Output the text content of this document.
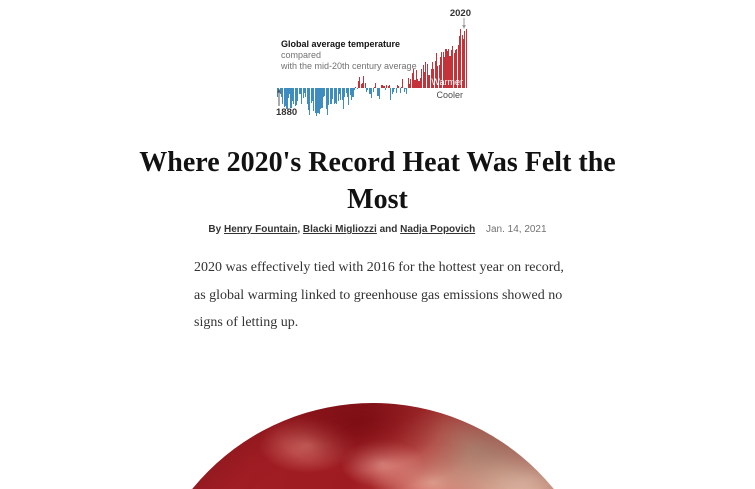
Global average temperature compared
with the mid-20th century average
2020
1880
Warmer
Cooler
Where 2020's Record Heat Was Felt the Most
By Henry Fountain, Blacki Migliozzi and Nadja Popovich Jan. 14, 2021

2020 was effectively tied with 2016 for the hottest year on record, as global warming linked to greenhouse gas emissions showed no signs of letting up.
